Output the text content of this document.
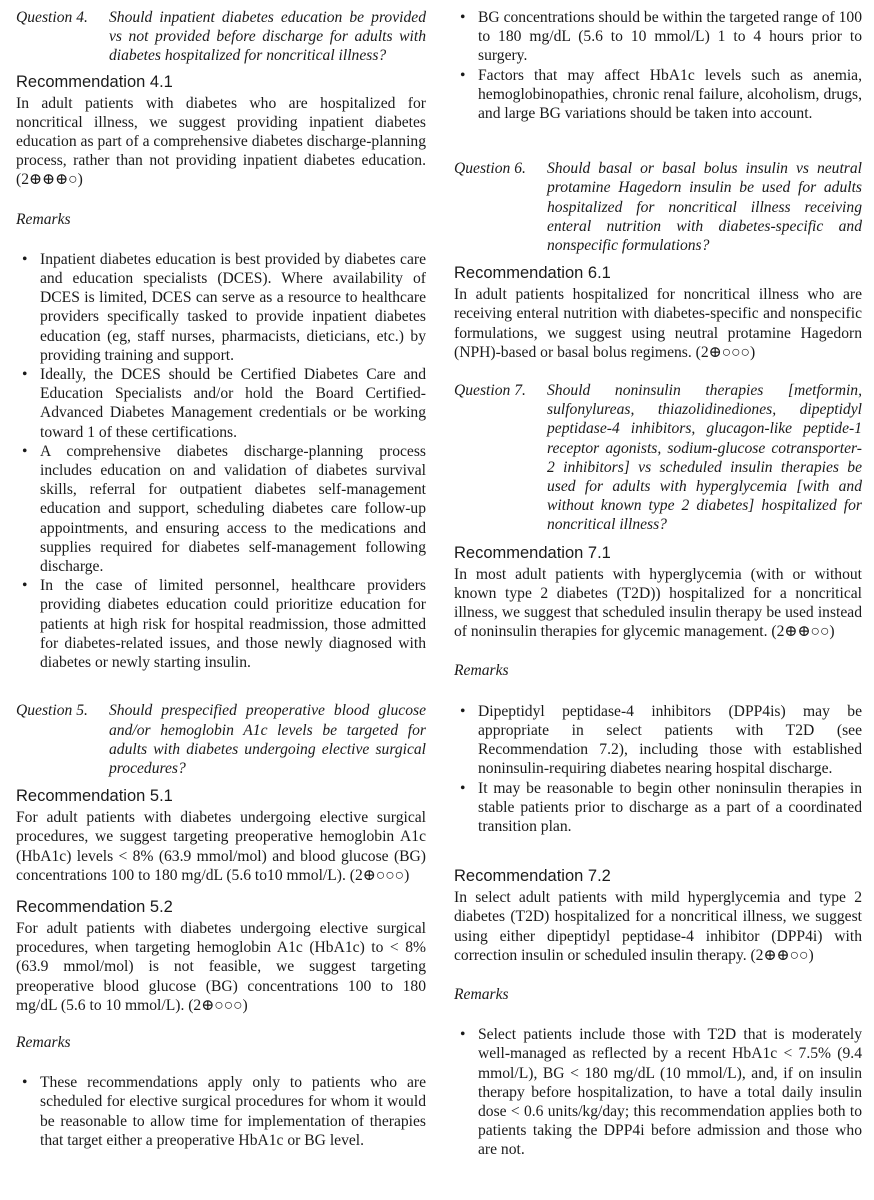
Question 4.	Should inpatient diabetes education be provided vs not provided before discharge for adults with diabetes hospitalized for noncritical illness?
Recommendation 4.1

In adult patients with diabetes who are hospitalized for noncritical illness, we suggest providing inpatient diabetes education as part of a comprehensive diabetes discharge-planning process, rather than not providing inpatient diabetes education. (2⊕⊕⊕○)

Remarks

• Inpatient diabetes education is best provided by diabetes care and education specialists (DCES). Where availability of DCES is limited, DCES can serve as a resource to healthcare providers specifically tasked to provide inpatient diabetes education (eg, staff nurses, pharmacists, dieticians, etc.) by providing training and support.
• Ideally, the DCES should be Certified Diabetes Care and Education Specialists and/or hold the Board Certified-Advanced Diabetes Management credentials or be working toward 1 of these certifications.
• A comprehensive diabetes discharge-planning process includes education on and validation of diabetes survival skills, referral for outpatient diabetes self-management education and support, scheduling diabetes care follow-up appointments, and ensuring access to the medications and supplies required for diabetes self-management following discharge.
• In the case of limited personnel, healthcare providers providing diabetes education could prioritize education for patients at high risk for hospital readmission, those admitted for diabetes-related issues, and those newly diagnosed with diabetes or newly starting insulin.
Question 5.	Should prespecified preoperative blood glucose and/or hemoglobin A1c levels be targeted for adults with diabetes undergoing elective surgical procedures?
Recommendation 5.1

For adult patients with diabetes undergoing elective surgical procedures, we suggest targeting preoperative hemoglobin A1c (HbA1c) levels < 8% (63.9 mmol/mol) and blood glucose (BG) concentrations 100 to 180 mg/dL (5.6 to10 mmol/L). (2⊕○○○)

Recommendation 5.2

For adult patients with diabetes undergoing elective surgical procedures, when targeting hemoglobin A1c (HbA1c) to < 8% (63.9 mmol/mol) is not feasible, we suggest targeting preoperative blood glucose (BG) concentrations 100 to 180 mg/dL (5.6 to 10 mmol/L). (2⊕○○○)

Remarks

• These recommendations apply only to patients who are scheduled for elective surgical procedures for whom it would be reasonable to allow time for implementation of therapies that target either a preoperative HbA1c or BG level.
• BG concentrations should be within the targeted range of 100 to 180 mg/dL (5.6 to 10 mmol/L) 1 to 4 hours prior to surgery.
• Factors that may affect HbA1c levels such as anemia, hemoglobinopathies, chronic renal failure, alcoholism, drugs, and large BG variations should be taken into account.
Question 6.	Should basal or basal bolus insulin vs neutral protamine Hagedorn insulin be used for adults hospitalized for noncritical illness receiving enteral nutrition with diabetes-specific and nonspecific formulations?
Recommendation 6.1

In adult patients hospitalized for noncritical illness who are receiving enteral nutrition with diabetes-specific and nonspecific formulations, we suggest using neutral protamine Hagedorn (NPH)-based or basal bolus regimens. (2⊕○○○)

Question 7.	Should noninsulin therapies [metformin, sulfonylureas, thiazolidinediones, dipeptidyl peptidase-4 inhibitors, glucagon-like peptide-1 receptor agonists, sodium-glucose cotransporter-2 inhibitors] vs scheduled insulin therapies be used for adults with hyperglycemia [with and without known type 2 diabetes] hospitalized for noncritical illness?
Recommendation 7.1

In most adult patients with hyperglycemia (with or without known type 2 diabetes (T2D)) hospitalized for a noncritical illness, we suggest that scheduled insulin therapy be used instead of noninsulin therapies for glycemic management. (2⊕⊕○○)

Remarks

• Dipeptidyl peptidase-4 inhibitors (DPP4is) may be appropriate in select patients with T2D (see Recommendation 7.2), including those with established noninsulin-requiring diabetes nearing hospital discharge.
• It may be reasonable to begin other noninsulin therapies in stable patients prior to discharge as a part of a coordinated transition plan.
Recommendation 7.2

In select adult patients with mild hyperglycemia and type 2 diabetes (T2D) hospitalized for a noncritical illness, we suggest using either dipeptidyl peptidase-4 inhibitor (DPP4i) with correction insulin or scheduled insulin therapy. (2⊕⊕○○)

Remarks

• Select patients include those with T2D that is moderately well-managed as reflected by a recent HbA1c < 7.5% (9.4 mmol/L), BG < 180 mg/dL (10 mmol/L), and, if on insulin therapy before hospitalization, to have a total daily insulin dose < 0.6 units/kg/day; this recommendation applies both to patients taking the DPP4i before admission and those who are not.
